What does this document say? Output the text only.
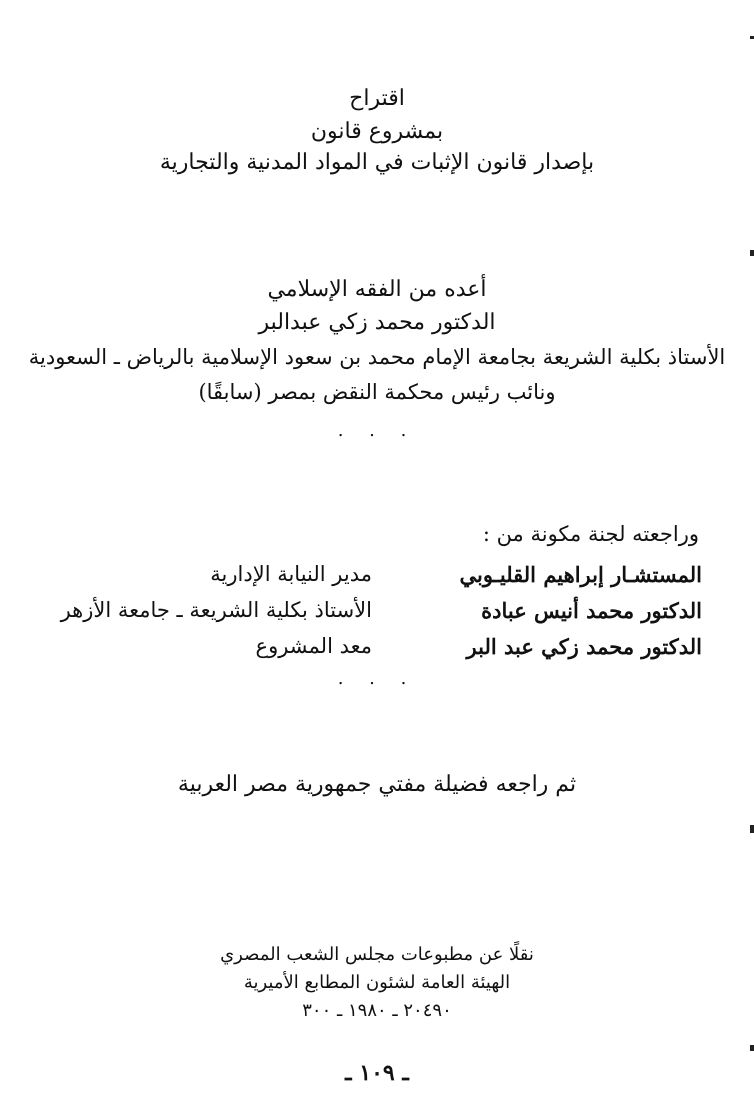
اقتراح
بمشروع قانون
بإصدار قانون الإثبات في المواد المدنية والتجارية
أعده من الفقه الإسلامي
الدكتور محمد زكي عبدالبر
الأستاذ بكلية الشريعة بجامعة الإمام محمد بن سعود الإسلامية بالرياض ـ السعودية
ونائب رئيس محكمة النقض بمصر (سابقًا)
. . .
وراجعته لجنة مكونة من :
المستشـار إبراهيم القليـوبي
مدير النيابة الإدارية
الدكتور محمد أنيس عبادة
الأستاذ بكلية الشريعة ـ جامعة الأزهر
الدكتور محمد زكي عبد البر
معد المشروع
. . .
ثم راجعه فضيلة مفتي جمهورية مصر العربية
نقلًا عن مطبوعات مجلس الشعب المصري
الهيئة العامة لشئون المطابع الأميرية
٢٠٤٩٠ ـ ١٩٨٠ ـ ٣٠٠
ـ ١٠٩ ـ
